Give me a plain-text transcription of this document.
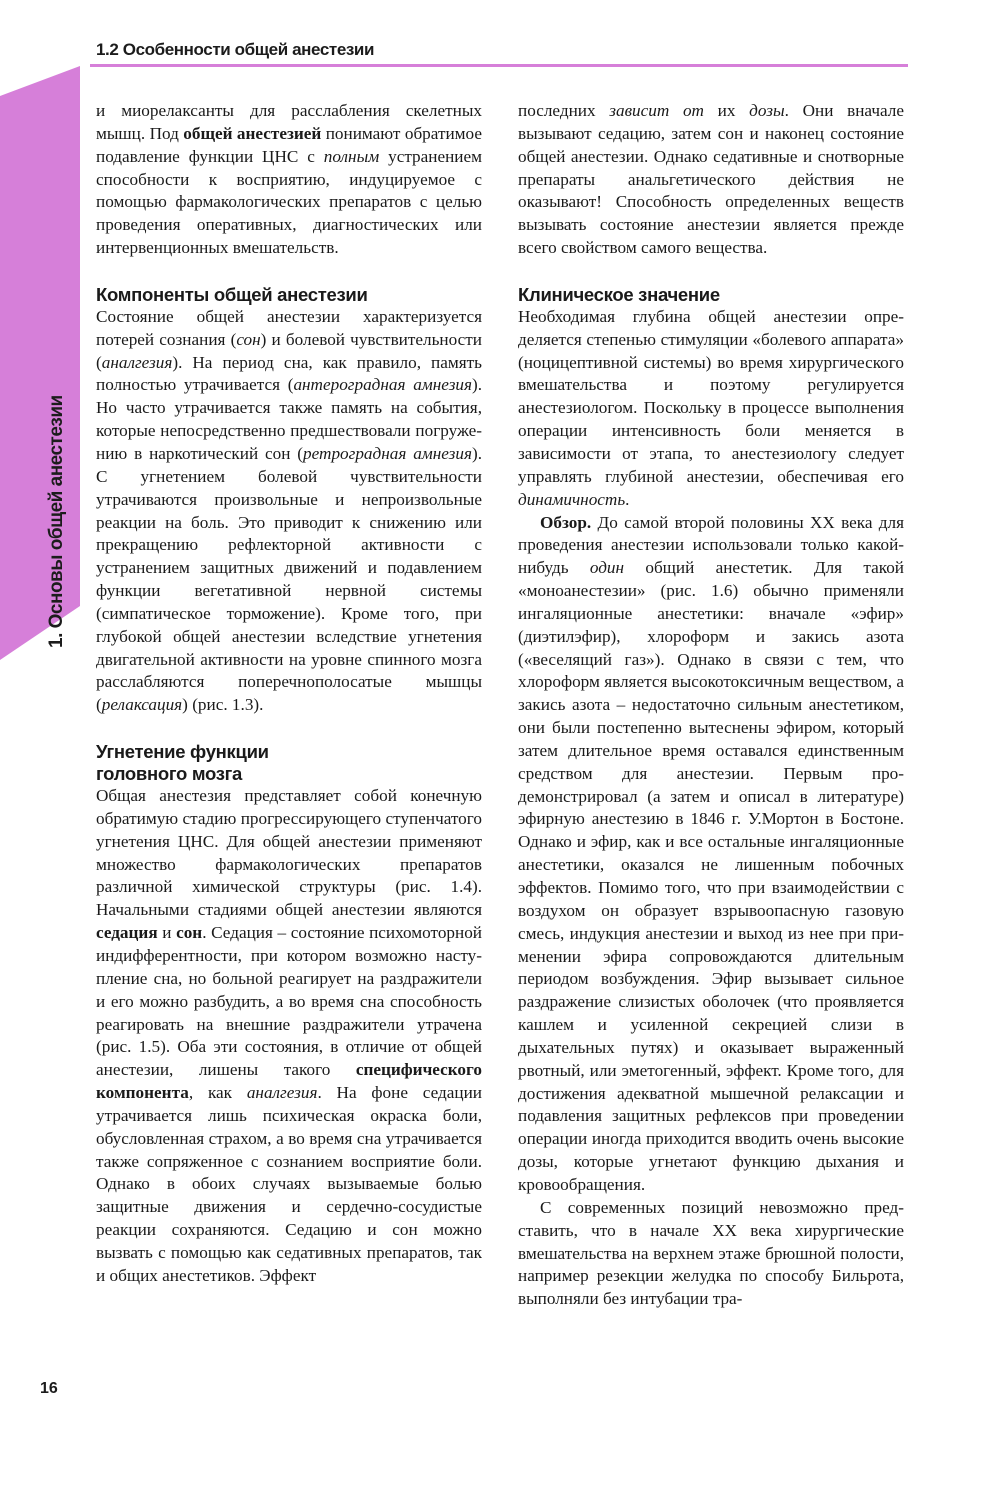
1. Основы общей анестезии
1.2 Особенности общей анестезии

и миорелаксанты для расслабления скелетных мышц. Под общей анестезией понимают обратимое подавление функции ЦНС с полным устранением способности к восприятию, индуцируемое с помощью фармакологических препаратов с целью проведения оперативных, диагностических или интервенционных вмешательств.

Компоненты общей анестезии

Состояние общей анестезии характеризуется потерей сознания (сон) и болевой чувствительности (аналгезия). На период сна, как правило, память полностью утрачивается (антероградная амнезия). Но часто утрачивается также память на события, которые непосредственно предшествовали погружению в наркотический сон (ретроградная амнезия). С угнетением болевой чувствительности утрачиваются произвольные и непроизвольные реакции на боль. Это приводит к снижению или прекращению рефлекторной активности с устранением защитных движений и подавлением функции вегетативной нервной системы (симпатическое торможение). Кроме того, при глубокой общей анестезии вследствие угнетения двигательной активности на уровне спинного мозга расслабляются поперечнополосатые мышцы (релаксация) (рис. 1.3).

Угнетение функции
головного мозга

Общая анестезия представляет собой конечную обратимую стадию прогрессирующего ступенчатого угнетения ЦНС. Для общей анестезии применяют множество фармакологических препаратов различной химической структуры (рис. 1.4). Начальными стадиями общей анестезии являются седация и сон. Седация – состояние психомоторной индифферентности, при котором возможно наступление сна, но больной реагирует на раздражители и его можно разбудить, а во время сна способность реагировать на внешние раздражители утрачена (рис. 1.5). Оба эти состояния, в отличие от общей анестезии, лишены такого специфического компонента, как аналгезия. На фоне седации утрачивается лишь психическая окраска боли, обусловленная страхом, а во время сна утрачивается также сопряженное с сознанием восприятие боли. Однако в обоих случаях вызываемые болью защитные движения и сердечно-сосудистые реакции сохраняются. Седацию и сон можно вызвать с помощью как седативных препаратов, так и общих анестетиков. Эффект

последних зависит от их дозы. Они вначале вызывают седацию, затем сон и наконец состояние общей анестезии. Однако седативные и снотворные препараты анальгетического действия не оказывают! Способность определенных веществ вызывать состояние анестезии является прежде всего свойством самого вещества.

Клиническое значение

Необходимая глубина общей анестезии определяется степенью стимуляции «болевого аппарата» (ноцицептивной системы) во время хирургического вмешательства и поэтому регулируется анестезиологом. Поскольку в процессе выполнения операции интенсивность боли меняется в зависимости от этапа, то анестезиологу следует управлять глубиной анестезии, обеспечивая его динамичность.

Обзор. До самой второй половины XX века для проведения анестезии использовали только какой-нибудь один общий анестетик. Для такой «моноанестезии» (рис. 1.6) обычно применяли ингаляционные анестетики: вначале «эфир» (диэтилэфир), хлороформ и закись азота («веселящий газ»). Однако в связи с тем, что хлороформ является высокотоксичным веществом, а закись азота – недостаточно сильным анестетиком, они были постепенно вытеснены эфиром, который затем длительное время оставался единственным средством для анестезии. Первым продемонстрировал (а затем и описал в литературе) эфирную анестезию в 1846 г. У.Мортон в Бостоне. Однако и эфир, как и все остальные ингаляционные анестетики, оказался не лишенным побочных эффектов. Помимо того, что при взаимодействии с воздухом он образует взрывоопасную газовую смесь, индукция анестезии и выход из нее при применении эфира сопровождаются длительным периодом возбуждения. Эфир вызывает сильное раздражение слизистых оболочек (что проявляется кашлем и усиленной секрецией слизи в дыхательных путях) и оказывает выраженный рвотный, или эметогенный, эффект. Кроме того, для достижения адекватной мышечной релаксации и подавления защитных рефлексов при проведении операции иногда приходится вводить очень высокие дозы, которые угнетают функцию дыхания и кровообращения.

С современных позиций невозможно представить, что в начале XX века хирургические вмешательства на верхнем этаже брюшной полости, например резекции желудка по способу Бильрота, выполняли без интубации тра-

16
